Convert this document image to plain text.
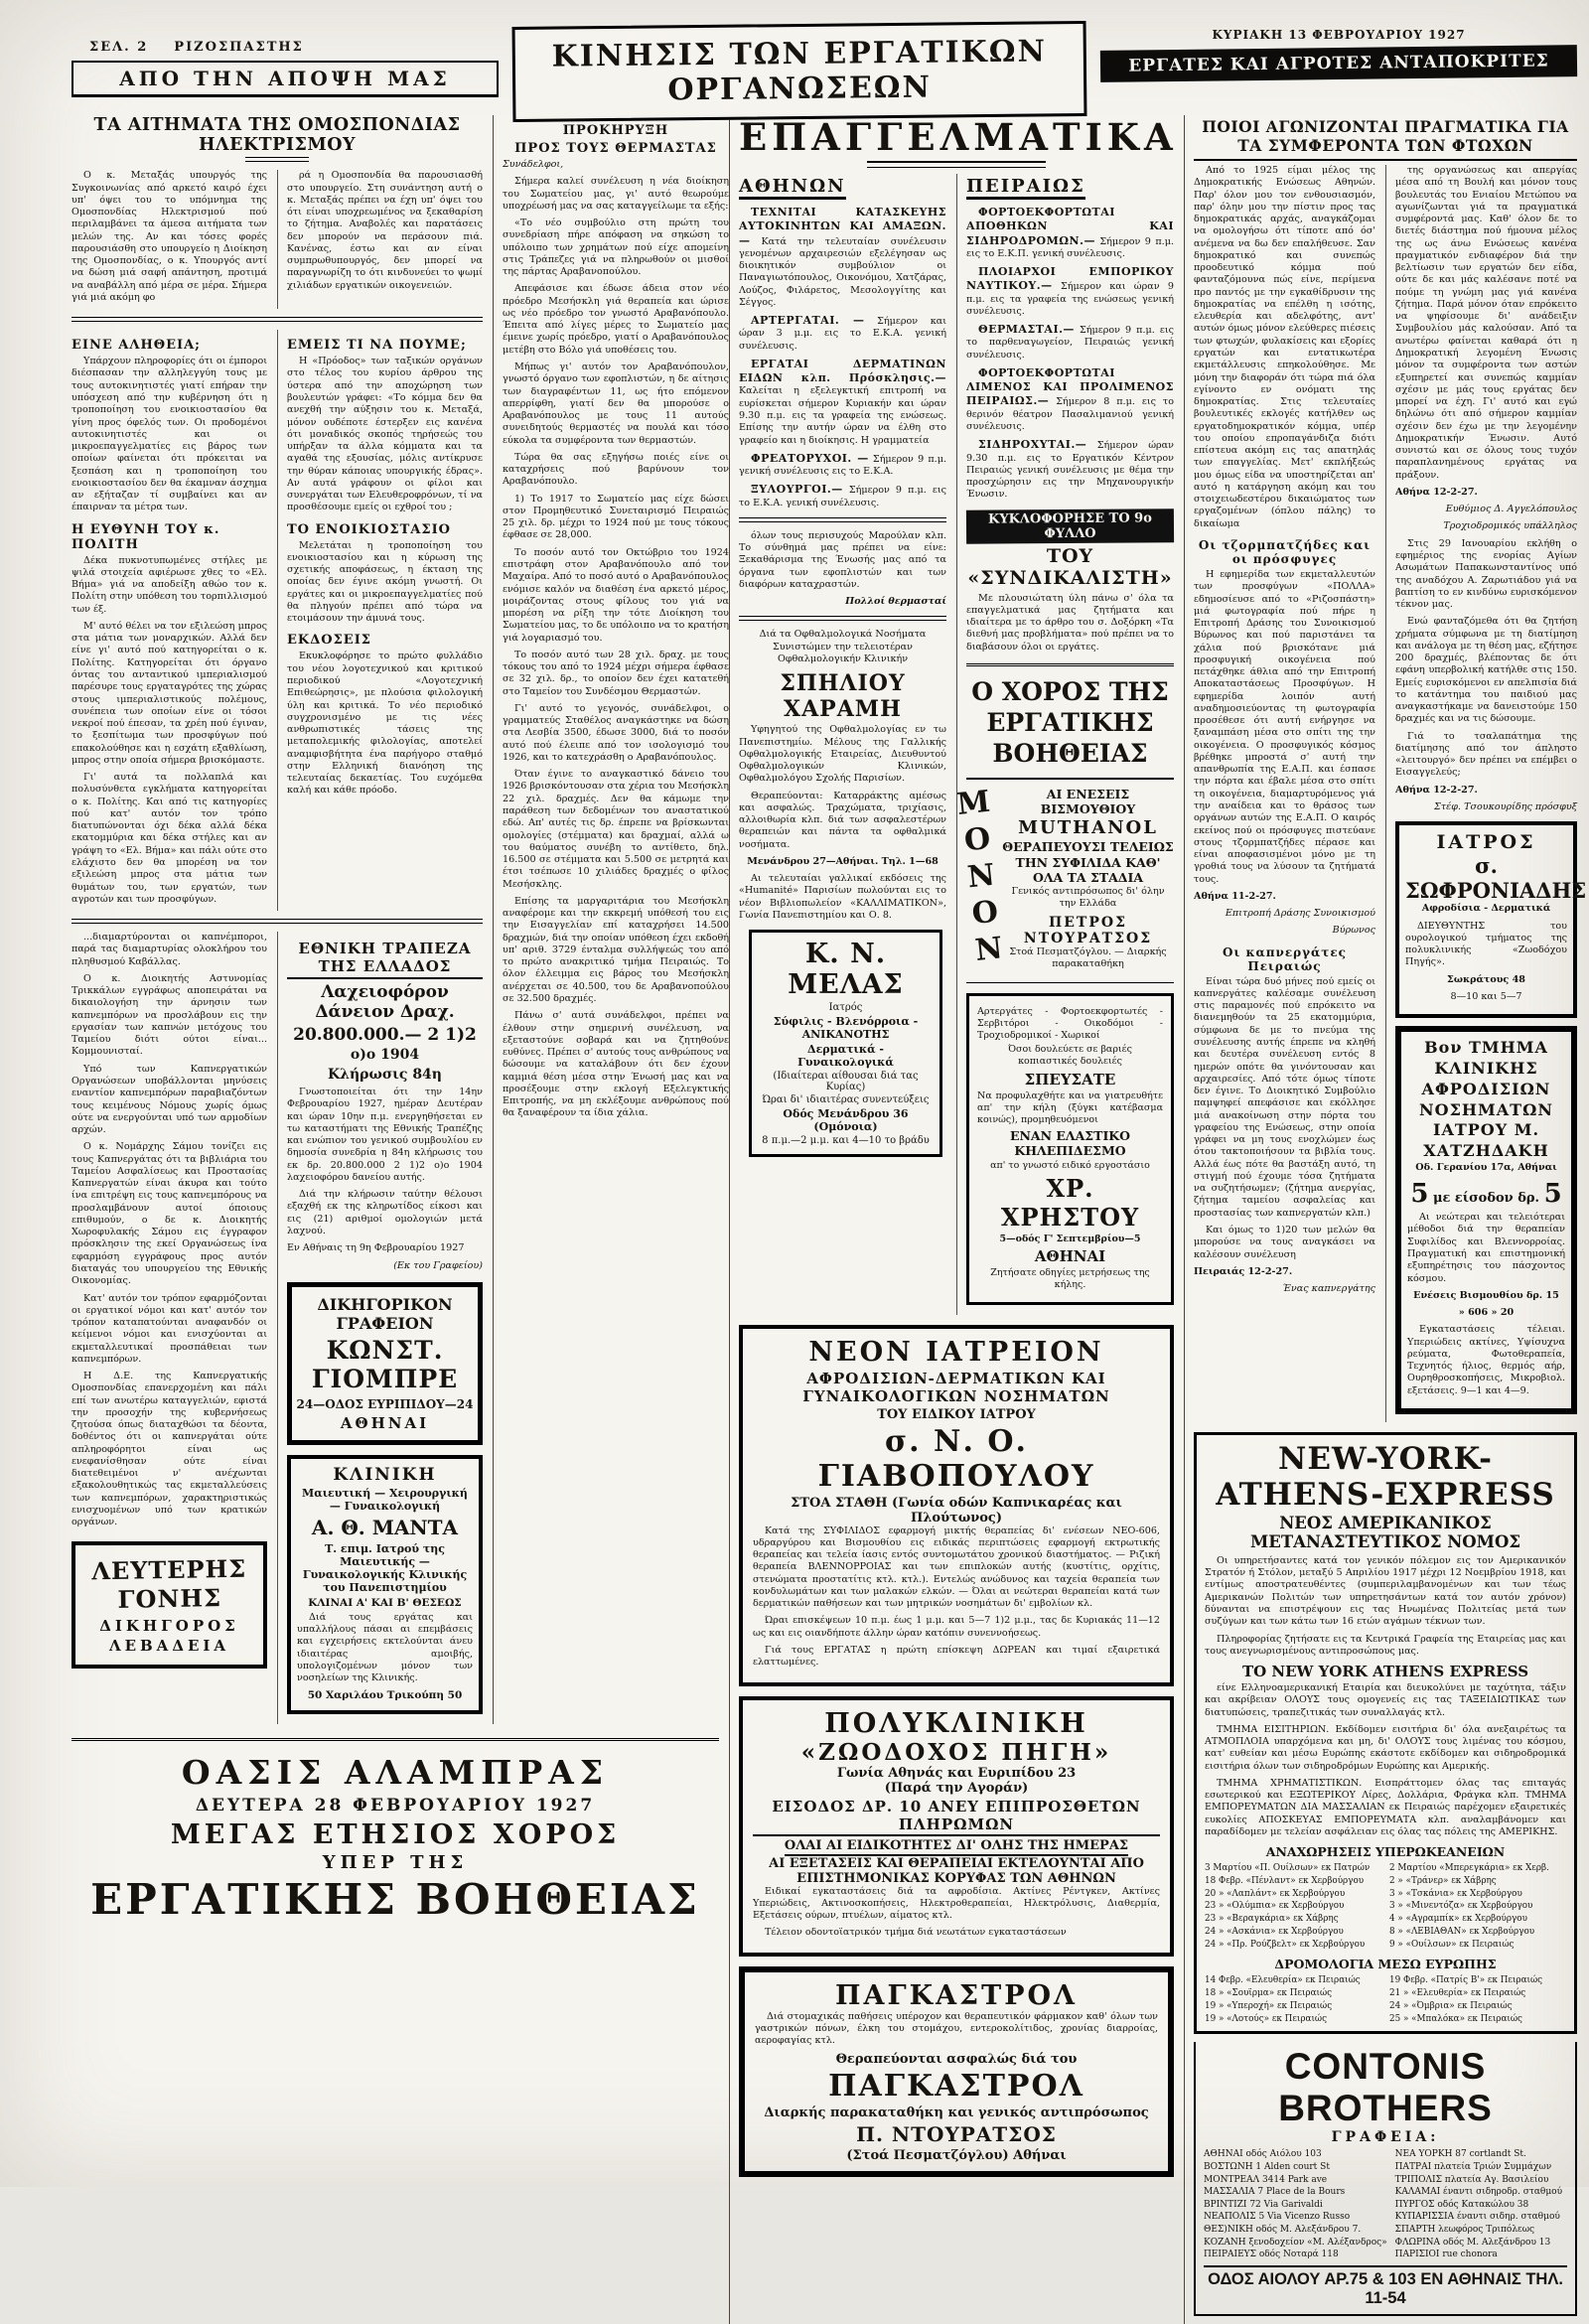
ΣΕΛ. 2 ΡΙΖΟΣΠΑΣΤΗΣ
ΑΠΟ ΤΗΝ ΑΠΟΨΗ ΜΑΣ
ΚΙΝΗΣΙΣ ΤΩΝ ΕΡΓΑΤΙΚΩΝ ΟΡΓΑΝΩΣΕΩΝ
ΚΥΡΙΑΚΗ 13 ΦΕΒΡΟΥΑΡΙΟΥ 1927
ΕΡΓΑΤΕΣ ΚΑΙ ΑΓΡΟΤΕΣ ΑΝΤΑΠΟΚΡΙΤΕΣ
ΤΑ ΑΙΤΗΜΑΤΑ ΤΗΣ ΟΜΟΣΠΟΝΔΙΑΣ ΗΛΕΚΤΡΙΣΜΟΥ

Ο κ. Μεταξάς υπουργός της Συγκοινωνίας από αρκετό καιρό έχει υπ' όψει του το υπόμνημα της Ομοσπονδίας Ηλεκτρισμού πού περιλαμβάνει τα άμεσα αιτήματα των μελών της. Αν και τόσες φορές παρουσιάσθη στο υπουργείο η Διοίκηση της Ομοσπονδίας, ο κ. Υπουργός αντί να δώση μιά σαφή απάντηση, προτιμά να αναβάλλη από μέρα σε μέρα. Σήμερα γιά μιά ακόμη φο

ρά η Ομοσπονδία θα παρουσιασθή στο υπουργείο. Στη συνάντηση αυτή ο κ. Μεταξάς πρέπει να έχη υπ' όψει του ότι είναι υποχρεωμένος να ξεκαθαρίση το ζήτημα. Αναβολές και παρατάσεις δεν μπορούν να περάσουν πιά. Κανένας, έστω και αν είναι συμπρωθυπουργός, δεν μπορεί να παραγνωρίζη το ότι κινδυνεύει το ψωμί χιλιάδων εργατικών οικογενειών.

ΕΙΝΕ ΑΛΗΘΕΙΑ;

Υπάρχουν πληροφορίες ότι οι έμποροι διέσπασαν την αλληλεγγύη τους με τους αυτοκινητιστές γιατί επήραν την υπόσχεση από την κυβέρνηση ότι η τροποποίηση του ενοικιοστασίου θα γίνη προς όφελός των. Οι προδομένοι αυτοκινητιστές και οι μικροεπαγγελματίες εις βάρος των οποίων φαίνεται ότι πρόκειται να ξεσπάση και η τροποποίηση του ενοικιοστασίου δεν θα έκαμναν άσχημα αν εξήταζαν τί συμβαίνει και αν έπαιρναν τα μέτρα των.

Η ΕΥΘΥΝΗ ΤΟΥ κ. ΠΟΛΙΤΗ

Δέκα πυκνοτυπωμένες στήλες με ψιλά στοιχεία αφιέρωσε χθες το «Ελ. Βήμα» γιά να αποδείξη αθώο τον κ. Πολίτη στην υπόθεση του τορπιλλισμού των έξ.

Μ' αυτό θέλει να τον εξιλεώση μπρος στα μάτια των μοναρχικών. Αλλά δεν είνε γι' αυτό πού κατηγορείται ο κ. Πολίτης. Κατηγορείται ότι όργανο όντας του ανταντικού ιμπεριαλισμού παρέσυρε τους εργαταγρότες της χώρας στους ιμπεριαλιστικούς πολέμους, συνέπεια των οποίων είνε οι τόσοι νεκροί πού έπεσαν, τα χρέη πού έγιναν, το ξεσπίτωμα των προσφύγων πού επακολούθησε και η εσχάτη εξαθλίωση, μπρος στην οποία σήμερα βρισκόμαστε.

Γι' αυτά τα πολλαπλά και πολυσύνθετα εγκλήματα κατηγορείται ο κ. Πολίτης. Και από τις κατηγορίες πού κατ' αυτόν τον τρόπο διατυπώνονται όχι δέκα αλλά δέκα εκατομμύρια και δέκα στήλες και αν γράψη το «Ελ. Βήμα» και πάλι ούτε στο ελάχιστο δεν θα μπορέση να τον εξιλεώση μπρος στα μάτια των θυμάτων του, των εργατών, των αγροτών και των προσφύγων.

ΕΜΕΙΣ ΤΙ ΝΑ ΠΟΥΜΕ;

Η «Πρόοδος» των ταξικών οργάνων στο τέλος του κυρίου άρθρου της ύστερα από την αποχώρηση των βουλευτών γράφει: «Το κόμμα δεν θα ανεχθή την αύξησιν του κ. Μεταξά, μόνον ουδέποτε έστερξεν εις κανένα ότι μοναδικός σκοπός τηρήσεώς του υπήρξαν τα άλλα κόμματα και τα αγαθά της εξουσίας, μόλις αντίκρυσε την θύραν κάποιας υπουργικής έδρας». Αν αυτά γράφουν οι φίλοι και συνεργάται των Ελευθεροφρόνων, τί να προσθέσουμε εμείς οι εχθροί του ;

ΤΟ ΕΝΟΙΚΙΟΣΤΑΣΙΟ

Μελετάται η τροποποίηση του ενοικιοστασίου και η κύρωση της σχετικής αποφάσεως, η έκταση της οποίας δεν έγινε ακόμη γνωστή. Οι εργάτες και οι μικροεπαγγελματίες πού θα πληγούν πρέπει από τώρα να ετοιμάσουν την άμυνά τους.

ΕΚΔΟΣΕΙΣ

Εκυκλοφόρησε το πρώτο φυλλάδιο του νέου λογοτεχνικού και κριτικού περιοδικού «Λογοτεχνική Επιθεώρησις», με πλούσια φιλολογική ύλη και κριτικά. Το νέο περιοδικό συγχρονισμένο με τις νέες ανθρωπιστικές τάσεις της μεταπολεμικής φιλολογίας, αποτελεί αναμφισβήτητα ένα παρήγορο σταθμό στην Ελληνική διανόηση της τελευταίας δεκαετίας. Του ευχόμεθα καλή και κάθε πρόοδο.

...διαμαρτύρονται οι καπνέμποροι, παρά τας διαμαρτυρίας ολοκλήρου του πληθυσμού Καβάλλας.

Ο κ. Διοικητής Αστυνομίας Τρικκάλων εγγράφως αποπειράται να δικαιολογήση την άρνησιν των καπνεμπόρων να προσλάβουν εις την εργασίαν των καπνών μετόχους του Ταμείου διότι ούτοι είναι... Κομμουνισταί.

Υπό των Καπνεργατικών Οργανώσεων υποβάλλονται μηνύσεις εναντίον καπνεμπόρων παραβιαζόντων τους κειμένους Νόμους χωρίς όμως ούτε να ενεργούνται υπό των αρμοδίων αρχών.

Ο κ. Νομάρχης Σάμου τονίζει εις τους Καπνεργάτας ότι τα βιβλιάρια του Ταμείου Ασφαλίσεως και Προστασίας Καπνεργατών είναι άκυρα και τούτο ίνα επιτρέψη εις τους καπνεμπόρους να προσλαμβάνουν αυτοί όποιους επιθυμούν, ο δε κ. Διοικητής Χωροφυλακής Σάμου εις έγγραφον πρόσκλησιν της εκεί Οργανώσεως ίνα εφαρμόση εγγράφους προς αυτόν διαταγάς του υπουργείου της Εθνικής Οικονομίας.

Κατ' αυτόν τον τρόπον εφαρμόζονται οι εργατικοί νόμοι και κατ' αυτόν τον τρόπον καταπατούνται αναφανδόν οι κείμενοι νόμοι και ενισχύονται αι εκμεταλλευτικαί προσπάθειαι των καπνεμπόρων.

Η Δ.Ε. της Καπνεργατικής Ομοσπονδίας επανερχομένη και πάλι επί των ανωτέρω καταγγελιών, εφιστά την προσοχήν της κυβερνήσεως ζητούσα όπως διαταχθώσι τα δέοντα, δοθέντος ότι οι καπνεργάται ούτε απληροφόρητοι είναι ως ενεφανίσθησαν ούτε είναι διατεθειμένοι ν' ανέχωνται εξακολουθητικώς τας εκμεταλλεύσεις των καπνεμπόρων, χαρακτηριστικώς ενισχυομένων υπό των κρατικών οργάνων.

ΛΕΥΤΕΡΗΣ ΓΟΝΗΣ
ΔΙΚΗΓΟΡΟΣ
ΛΕΒΑΔΕΙΑ
ΕΘΝΙΚΗ ΤΡΑΠΕΖΑ ΤΗΣ ΕΛΛΑΔΟΣ
Λαχειοφόρον Δάνειον Δραχ.
20.800.000.— 2 1)2
ο)ο 1904
Κλήρωσις 84η

Γνωστοποιείται ότι την 14ην Φεβρουαρίου 1927, ημέραν Δευτέραν και ώραν 10ην π.μ. ενεργηθήσεται εν τω καταστήματι της Εθνικής Τραπέζης και ενώπιον του γενικού συμβουλίου εν δημοσία συνεδρία η 84η κλήρωσις του εκ δρ. 20.800.000 2 1)2 ο)ο 1904 λαχειοφόρου δανείου αυτής.

Διά την κλήρωσιν ταύτην θέλουσι εξαχθή εκ της κληρωτίδος είκοσι και εις (21) αριθμοί ομολογιών μετά λαχνού.

Εν Αθήναις τη 9η Φεβρουαρίου 1927

(Εκ του Γραφείου)

ΔΙΚΗΓΟΡΙΚΟΝ ΓΡΑΦΕΙΟΝ
ΚΩΝΣΤ. ΓΙΟΜΠΡΕ
24—ΟΔΟΣ ΕΥΡΙΠΙΔΟΥ—24
ΑΘΗΝΑΙ
ΚΛΙΝΙΚΗ
Μαιευτική — Χειρουργική — Γυναικολογική
Α. Θ. ΜΑΝΤΑ
Τ. επιμ. Ιατρού της Μαιευτικής — Γυναικολογικής Κλινικής του Πανεπιστημίου
ΚΛΙΝΑΙ Α' ΚΑΙ Β' ΘΕΣΕΩΣ

Διά τους εργάτας και υπαλλήλους πάσαι αι επεμβάσεις και εγχειρήσεις εκτελούνται άνευ ιδιαιτέρας αμοιβής, υπολογιζομένων μόνον των νοσηλείων της Κλινικής.

50 Χαριλάου Τρικούπη 50
ΠΡΟΚΗΡΥΞΗ
ΠΡΟΣ ΤΟΥΣ ΘΕΡΜΑΣΤΑΣ

Συνάδελφοι,

Σήμερα καλεί συνέλευση η νέα διοίκηση του Σωματείου μας, γι' αυτό θεωρούμε υποχρέωσή μας να σας καταγγείλωμε τα εξής:

«Το νέο συμβούλιο στη πρώτη του συνεδρίαση πήρε απόφαση να σηκώση το υπόλοιπο των χρημάτων πού είχε απομείνη στις Τράπεζες γιά να πληρωθούν οι μισθοί της πάρτας Αραβανοπούλου.

Απεφάσισε και έδωσε άδεια στον νέο πρόεδρο Μεσήσκλη γιά θεραπεία και ώρισε ως νέο πρόεδρο τον γνωστό Αραβανόπουλο. Έπειτα από λίγες μέρες το Σωματείο μας έμεινε χωρίς πρόεδρο, γιατί ο Αραβανόπουλος μετέβη στο Βόλο γιά υποθέσεις του.

Μήπως γι' αυτόν τον Αραβανόπουλον, γνωστό όργανο των εφοπλιστών, η δε αίτησις των διαγραφέντων 11, ως ήτο επόμενον απερρίφθη, γιατί δεν θα μπορούσε ο Αραβανόπουλος με τους 11 αυτούς συνειδητούς θερμαστές να πουλά και τόσο εύκολα τα συμφέροντα των θερμαστών.

Τώρα θα σας εξηγήσω ποιές είνε οι καταχρήσεις πού βαρύνουν τον Αραβανόπουλο.

1) Το 1917 το Σωματείο μας είχε δώσει στον Προμηθευτικό Συνεταιρισμό Πειραιώς 25 χιλ. δρ. μέχρι το 1924 πού με τους τόκους έφθασε σε 28,000.

Το ποσόν αυτό τον Οκτώβριο του 1924 επιστράφη στον Αραβανόπουλο από τον Μαχαίρα. Από το ποσό αυτό ο Αραβανόπουλος ενόμισε καλόν να διαθέση ένα αρκετό μέρος, μοιράζοντας στους φίλους του γιά να μπορέση να ρίξη την τότε Διοίκηση του Σωματείου μας, το δε υπόλοιπο να το κρατήση γιά λογαριασμό του.

Το ποσόν αυτό των 28 χιλ. δραχ. με τους τόκους του από το 1924 μέχρι σήμερα έφθασε σε 32 χιλ. δρ., το οποίον δεν έχει κατατεθή στο Ταμείον του Συνδέσμου Θερμαστών.

Γι' αυτό το γεγονός, συνάδελφοι, ο γραμματεύς Σταθέλος αναγκάστηκε να δώση στα Λεσβία 3500, έδωσε 3000, διά το ποσόν αυτό πού έλειπε από τον ισολογισμό του 1926, και το κατεχράσθη ο Αραβανόπουλος.

Όταν έγινε το αναγκαστικό δάνειο του 1926 βρισκόντουσαν στα χέρια του Μεσήσκλη 22 χιλ. δραχμές. Δεν θα κάμωμε την παράθεση των δεδομένων του αναστατικού εδώ. Απ' αυτές τις δρ. έπρεπε να βρίσκωνται ομολογίες (στέμματα) και δραχμαί, αλλά ω του θαύματος συνέβη το αντίθετο, δηλ. 16.500 σε στέμματα και 5.500 σε μετρητά και έτσι τσέπωσε 10 χιλιάδες δραχμές ο φίλος Μεσήσκλης.

Επίσης τα μαργαριτάρια του Μεσήσκλη αναφέρομε και την εκκρεμή υπόθεσή του εις την Εισαγγελίαν επί καταχρήσει 14.500 δραχμών, διά την οποίαν υπόθεση έχει εκδοθή υπ' αριθ. 3729 ένταλμα συλλήψεώς του από το πρώτο ανακριτικό τμήμα Πειραιώς. Το όλον έλλειμμα εις βάρος του Μεσήσκλη ανέρχεται σε 40.500, του δε Αραβανοπούλου σε 32.500 δραχμές.

Πάνω σ' αυτά συνάδελφοι, πρέπει να έλθουν στην σημερινή συνέλευση, να εξεταστούνε σοβαρά και να ζητηθούνε ευθύνες. Πρέπει σ' αυτούς τους ανθρώπους να δώσουμε να καταλάβουν ότι δεν έχουν καμμιά θέση μέσα στην Ένωσή μας και να προσέξουμε στην εκλογή Εξελεγκτικής Επιτροπής, να μη εκλέξουμε ανθρώπους πού θα ξαναφέρουν τα ίδια χάλια.

ΟΑΣΙΣ ΑΛΑΜΠΡΑΣ
ΔΕΥΤΕΡΑ 28 ΦΕΒΡΟΥΑΡΙΟΥ 1927
ΜΕΓΑΣ ΕΤΗΣΙΟΣ ΧΟΡΟΣ
ΥΠΕΡ ΤΗΣ
ΕΡΓΑΤΙΚΗΣ ΒΟΗΘΕΙΑΣ
ΕΠΑΓΓΕΛΜΑΤΙΚΑ
ΑΘΗΝΩΝ

ΤΕΧΝΙΤΑΙ ΚΑΤΑΣΚΕΥΗΣ ΑΥΤΟΚΙΝΗΤΩΝ ΚΑΙ ΑΜΑΞΩΝ.— Κατά την τελευταίαν συνέλευσιν γενομένων αρχαιρεσιών εξελέγησαν ως διοικητικόν συμβούλιον οι Παναγιωτόπουλος, Οικονόμου, Χατζάρας, Λούζος, Φιλάρετος, Μεσολογγίτης και Σέγγος.

ΑΡΤΕΡΓΑΤΑΙ. — Σήμερον και ώραν 3 μ.μ. εις το Ε.Κ.Α. γενική συνέλευσις.

ΕΡΓΑΤΑΙ ΔΕΡΜΑΤΙΝΩΝ ΕΙΔΩΝ κλπ. Πρόσκλησις.— Καλείται η εξελεγκτική επιτροπή να ευρίσκεται σήμερον Κυριακήν και ώραν 9.30 π.μ. εις τα γραφεία της ενώσεως. Επίσης την αυτήν ώραν να έλθη στο γραφείο και η διοίκησις. Η γραμματεία

ΦΡΕΑΤΟΡΥΧΟΙ. — Σήμερον 9 π.μ. γενική συνέλευσις εις το Ε.Κ.Α.

ΞΥΛΟΥΡΓΟΙ.— Σήμερον 9 π.μ. εις το Ε.Κ.Α. γενική συνέλευσις.

όλων τους περισυχούς Μαρούλαν κλπ. Το σύνθημά μας πρέπει να είνε: Ξεκαθάρισμα της Ένωσής μας από τα όργανα των εφοπλιστών και των διαφόρων καταχραστών.

Πολλοί θερμασταί

Διά τα Οφθαλμολογικά Νοσήματα Συνιστώμεν την τελειοτέραν Οφθαλμολογικήν Κλινικήν

ΣΠΗΛΙΟΥ ΧΑΡΑΜΗ

Υφηγητού της Οφθαλμολογίας εν τω Πανεπιστημίω. Μέλους της Γαλλικής Οφθαλμολογικής Εταιρείας, Διευθυντού Οφθαλμολογικών Κλινικών, Οφθαλμολόγου Σχολής Παρισίων.

Θεραπεύονται: Καταρράκτης αμέσως και ασφαλώς. Τραχώματα, τριχίασις, αλλοιθωρία κλπ. διά των ασφαλεστέρων θεραπειών και πάντα τα οφθαλμικά νοσήματα.

Μενάνδρου 27—Αθήναι. Τηλ. 1—68

Αι τελευταίαι γαλλικαί εκδόσεις της «Humanité» Παρισίων πωλούνται εις το νέον Βιβλιοπωλείον «ΚΑΛΛΙΜΑΤΙΚΟΝ», Γωνία Πανεπιστημίου και Ο. 8.

Κ. Ν. ΜΕΛΑΣ
Ιατρός
Σύφιλις - Βλενόρροια - ΑΝΙΚΑΝΟΤΗΣ
Δερματικά - Γυναικολογικά
(Ιδιαίτεραι αίθουσαι διά τας Κυρίας)
Ώραι δι' ιδιαιτέρας συνεντεύξεις
Οδός Μενάνδρου 36 (Ομόνοια)
8 π.μ.—2 μ.μ. και 4—10 το βράδυ
ΠΕΙΡΑΙΩΣ

ΦΟΡΤΟΕΚΦΟΡΤΩΤΑΙ ΑΠΟΘΗΚΩΝ ΚΑΙ ΣΙΔΗΡΟΔΡΟΜΩΝ.— Σήμερον 9 π.μ. εις το Ε.Κ.Π. γενική συνέλευσις.

ΠΛΟΙΑΡΧΟΙ ΕΜΠΟΡΙΚΟΥ ΝΑΥΤΙΚΟΥ.— Σήμερον και ώραν 9 π.μ. εις τα γραφεία της ενώσεως γενική συνέλευσις.

ΘΕΡΜΑΣΤΑΙ.— Σήμερον 9 π.μ. εις το παρθεναγωγείον, Πειραιώς γενική συνέλευσις.

ΦΟΡΤΟΕΚΦΟΡΤΩΤΑΙ ΛΙΜΕΝΟΣ ΚΑΙ ΠΡΟΛΙΜΕΝΟΣ ΠΕΙΡΑΙΩΣ.— Σήμερον 8 π.μ. εις το θερινόν θέατρον Πασαλιμανιού γενική συνέλευσις.

ΣΙΔΗΡΟΧΥΤΑΙ.— Σήμερον ώραν 9.30 π.μ. εις το Εργατικόν Κέντρον Πειραιώς γενική συνέλευσις με θέμα την προσχώρησιν εις την Μηχανουργικήν Ένωσιν.

ΚΥΚΛΟΦΟΡΗΣΕ ΤΟ 9ο ΦΥΛΛΟ
ΤΟΥ «ΣΥΝΔΙΚΑΛΙΣΤΗ»

Με πλουσιώτατη ύλη πάνω σ' όλα τα επαγγελματικά μας ζητήματα και ιδιαίτερα με το άρθρο του σ. Δοξόρκη «Τα διεθνή μας προβλήματα» πού πρέπει να το διαβάσουν όλοι οι εργάτες.

Ο ΧΟΡΟΣ ΤΗΣ
ΕΡΓΑΤΙΚΗΣ ΒΟΗΘΕΙΑΣ
ΜΟΝΟΝ	ΑΙ ΕΝΕΣΕΙΣ ΒΙΣΜΟΥΘΙΟΥ
MUTHANOL
ΘΕΡΑΠΕΥΟΥΣΙ ΤΕΛΕΙΩΣ
ΤΗΝ ΣΥΦΙΛΙΔΑ ΚΑΘ' ΟΛΑ ΤΑ ΣΤΑΔΙΑ

Γενικός αντιπρόσωπος δι' όλην την Ελλάδα

ΠΕΤΡΟΣ ΝΤΟΥΡΑΤΣΟΣ

Στοά Πεσματζόγλου. — Διαρκής παρακαταθήκη

Αρτεργάτες - Φορτοεκφορτωτές - Σερβιτόροι - Οικοδόμοι - Τροχιοδρομικοί - Χωρικοί

Όσοι δουλεύετε σε βαριές κοπιαστικές δουλειές

ΣΠΕΥΣΑΤΕ

Να προφυλαχθήτε και να γιατρευθήτε απ' την κήλη (ξύγκι κατέβασμα κοινώς), προμηθευόμενοι

ΕΝΑΝ ΕΛΑΣΤΙΚΟ ΚΗΛΕΠΙΔΕΣΜΟ

απ' το γνωστό ειδικό εργοστάσιο

ΧΡ. ΧΡΗΣΤΟΥ

5—οδός Γ' Σεπτεμβρίου—5

ΑΘΗΝΑΙ

Ζητήσατε οδηγίες μετρήσεως της κήλης.

ΝΕΟΝ ΙΑΤΡΕΙΟΝ
ΑΦΡΟΔΙΣΙΩΝ-ΔΕΡΜΑΤΙΚΩΝ ΚΑΙ ΓΥΝΑΙΚΟΛΟΓΙΚΩΝ ΝΟΣΗΜΑΤΩΝ
ΤΟΥ ΕΙΔΙΚΟΥ ΙΑΤΡΟΥ
σ. Ν. Ο. ΓΙΑΒΟΠΟΥΛΟΥ
ΣΤΟΑ ΣΤΑΘΗ (Γωνία οδών Καπνικαρέας και Πλούτωνος)

Κατά της ΣΥΦΙΛΙΔΟΣ εφαρμογή μικτής θεραπείας δι' ενέσεων ΝΕΟ-606, υδραργύρου και Βισμουθίου εις ειδικάς περιπτώσεις εφαρμογή εκτρωτικής θεραπείας και τελεία ίασις εντός συντομωτάτου χρονικού διαστήματος. — Ριζική θεραπεία ΒΛΕΝΝΟΡΡΟΙΑΣ και των επιπλοκών αυτής (κυστίτις, ορχίτις, στενώματα προστατίτις κτλ. κτλ.). Εντελώς ανώδυνος και ταχεία θεραπεία των κονδυλωμάτων και των μαλακών ελκών. — Όλαι αι νεώτεραι θεραπείαι κατά των δερματικών παθήσεων και των μητρικών νοσημάτων δι' εμβολίων κλ.

Ώραι επισκέψεων 10 π.μ. έως 1 μ.μ. και 5—7 1)2 μ.μ., τας δε Κυριακάς 11—12 ως και εις οιανδήποτε άλλην ώραν κατόπιν συνεννοήσεως.

Γιά τους ΕΡΓΑΤΑΣ η πρώτη επίσκεψη ΔΩΡΕΑΝ και τιμαί εξαιρετικά ελαττωμένες.

ΠΟΛΥΚΛΙΝΙΚΗ
«ΖΩΟΔΟΧΟΣ ΠΗΓΗ»
Γωνία Αθηνάς και Ευριπίδου 23
(Παρά την Αγοράν)
ΕΙΣΟΔΟΣ ΔΡ. 10 ΑΝΕΥ ΕΠΙΠΡΟΣΘΕΤΩΝ ΠΛΗΡΩΜΩΝ
ΟΛΑΙ ΑΙ ΕΙΔΙΚΟΤΗΤΕΣ ΔΙ' ΟΛΗΣ ΤΗΣ ΗΜΕΡΑΣ
ΑΙ ΕΞΕΤΑΣΕΙΣ ΚΑΙ ΘΕΡΑΠΕΙΑΙ ΕΚΤΕΛΟΥΝΤΑΙ ΑΠΟ ΕΠΙΣΤΗΜΟΝΙΚΑΣ ΚΟΡΥΦΑΣ ΤΩΝ ΑΘΗΝΩΝ

Ειδικαί εγκαταστάσεις διά τα αφροδίσια. Ακτίνες Ρέντγκεν, Ακτίνες Υπεριώδεις, Ακτινοσκοπήσεις, Ηλεκτροθεραπείαι, Ηλεκτρόλυσις, Διαθερμία, Εξετάσεις ούρων, πτυέλων, αίματος κτλ.

Τέλειον οδοντοϊατρικόν τμήμα διά νεωτάτων εγκαταστάσεων

ΠΑΓΚΑΣΤΡΟΛ

Διά στομαχικάς παθήσεις υπέροχον και θεραπευτικόν φάρμακον καθ' όλων των γαστρικών πόνων, έλκη του στομάχου, εντεροκολίτιδος, χρονίας διαρροίας, αεροφαγίας κτλ.

Θεραπεύονται ασφαλώς διά του
ΠΑΓΚΑΣΤΡΟΛ
Διαρκής παρακαταθήκη και γενικός αντιπρόσωπος
Π. ΝΤΟΥΡΑΤΣΟΣ
(Στοά Πεσματζόγλου) Αθήναι
ΠΟΙΟΙ ΑΓΩΝΙΖΟΝΤΑΙ ΠΡΑΓΜΑΤΙΚΑ ΓΙΑ ΤΑ ΣΥΜΦΕΡΟΝΤΑ ΤΩΝ ΦΤΩΧΩΝ

Από το 1925 είμαι μέλος της Δημοκρατικής Ενώσεως Αθηνών. Παρ' όλον μου τον ενθουσιασμόν, παρ' όλην μου την πίστιν προς τας δημοκρατικάς αρχάς, αναγκάζομαι να ομολογήσω ότι τίποτε από όσ' ανέμενα να δω δεν επαλήθευσε. Σαν δημοκρατικό και συνεπώς προοδευτικό κόμμα πού φανταζόμουνα πώς είνε, περίμενα προ παντός με την εγκαθίδρυσιν της δημοκρατίας να επέλθη η ισότης, ελευθερία και αδελφότης, αντ' αυτών όμως μόνον ελεύθερες πιέσεις των φτωχών, φυλακίσεις και εξορίες εργατών και εντατικωτέρα εκμετάλλευσις επηκολούθησε. Με μόνη την διαφοράν ότι τώρα πιά όλα εγίνοντο εν ονόματι της δημοκρατίας. Στις τελευταίες βουλευτικές εκλογές κατήλθεν ως εργατοδημοκρατικόν κόμμα, υπέρ του οποίου επροπαγάνδιζα διότι επίστευα ακόμη εις τας απατηλάς των επαγγελίας. Μετ' εκπλήξεώς μου όμως είδα να υποστηρίζεται απ' αυτό η κατάργηση ακόμη και του στοιχειωδεστέρου δικαιώματος των εργαζομένων (όπλου πάλης) το δικαίωμα

Οι τζορμπατζήδες και οι πρόσφυγες

Η εφημερίδα των εκμεταλλευτών των προσφύγων «ΠΟΛΛΑ» εδημοσίευσε από το «Ριζοσπάστη» μιά φωτογραφία πού πήρε η Επιτροπή Δράσης του Συνοικισμού Βύρωνος και πού παριστάνει τα χάλια πού βρισκότανε μιά προσφυγική οικογένεια πού πετάχθηκε άθλια από την Επιτροπή Αποκαταστάσεως Προσφύγων. Η εφημερίδα λοιπόν αυτή αναδημοσιεύοντας τη φωτογραφία προσέθεσε ότι αυτή ενήργησε να ξαναμπάση μέσα στο σπίτι της την οικογένεια. Ο προσφυγικός κόσμος βρέθηκε μπροστά σ' αυτή την απανθρωπία της Ε.Α.Π. και έσπασε την πόρτα και έβαλε μέσα στο σπίτι τη οικογένεια, διαμαρτυρόμενος γιά την αναίδεια και το θράσος των οργάνων αυτών της Ε.Α.Π. Ο καιρός εκείνος πού οι πρόσφυγες πιστεύανε στους τζορμπατζήδες πέρασε και είναι αποφασισμένοι μόνο με τη γροθιά τους να λύσουν τα ζητήματά τους.

Αθήνα 11-2-27.

Επιτροπή Δράσης Συνοικισμού

Βύρωνος

Οι καπνεργάτες Πειραιώς

Είναι τώρα δυό μήνες πού εμείς οι καπνεργάτες καλέσαμε συνέλευση στις παραμονές πού επρόκειτο να διανεμηθούν τα 25 εκατομμύρια, σύμφωνα δε με το πνεύμα της συνέλευσης αυτής έπρεπε να κληθή και δευτέρα συνέλευση εντός 8 ημερών οπότε θα γινόντουσαν και αρχαιρεσίες. Από τότε όμως τίποτε δεν έγινε. Το Διοικητικό Συμβούλιο παμψηφεί απεφάσισε και εκόλλησε μιά ανακοίνωση στην πόρτα του γραφείου της Ενώσεως, στην οποία γράφει να μη τους ενοχλώμεν έως ότου τακτοποιήσουν τα βιβλία τους. Αλλά έως πότε θα βαστάξη αυτό, τη στιγμή πού έχουμε τόσα ζητήματα να συζητήσωμεν; (ζήτημα ανεργίας, ζήτημα ταμείου ασφαλείας και προστασίας των καπνεργατών κλπ.)

Και όμως το 1)20 των μελών θα μπορούσε να τους αναγκάσει να καλέσουν συνέλευση

Πειραιάς 12-2-27.

Ένας καπνεργάτης

της οργανώσεως και απεργίας μέσα από τη Βουλή και μόνον τους βουλευτάς του Ενιαίου Μετώπου να αγωνίζωνται γιά τα πραγματικά συμφέροντά μας. Καθ' όλον δε το διετές διάστημα πού ήμουνα μέλος της ως άνω Ενώσεως κανένα πραγματικόν ενδιαφέρον διά την βελτίωσιν των εργατών δεν είδα, ούτε δε και μάς καλέσανε ποτέ να πούμε τη γνώμη μας γιά κανένα ζήτημα. Παρά μόνον όταν επρόκειτο να ψηφίσουμε δι' ανάδειξιν Συμβουλίου μάς καλούσαν. Από τα ανωτέρω φαίνεται καθαρά ότι η Δημοκρατική λεγομένη Ένωσις μόνον τα συμφέροντα των αστών εξυπηρετεί και συνεπώς καμμίαν σχέσιν με μάς τους εργάτας δεν μπορεί να έχη. Γι' αυτό και εγώ δηλώνω ότι από σήμερον καμμίαν σχέσιν δεν έχω με την λεγομένην Δημοκρατικήν Ένωσιν. Αυτό συνιστώ και σε όλους τους τυχόν παραπλανημένους εργάτας να πράξουν.

Αθήνα 12-2-27.

Ευθύμιος Δ. Αγγελόπουλος

Τροχιοδρομικός υπάλληλος

Στις 29 Ιανουαρίου εκλήθη ο εφημέριος της ενορίας Αγίων Ασωμάτων Παπακωνσταντίνος υπό της αναδόχου Α. Ζαρωτιάδου γιά να βαπτίση το εν κινδύνω ευρισκόμενον τέκνον μας.

Ενώ φανταζόμεθα ότι θα ζητήση χρήματα σύμφωνα με τη διατίμηση και ανάλογα με τη θέση μας, εζήτησε 200 δραχμές, βλέποντας δε ότι εφάνη υπερβολική κατήλθε στις 150. Εμείς ευρισκόμενοι εν απελπισία διά το κατάντημα του παιδιού μας αναγκαστήκαμε να δανειστούμε 150 δραχμές και να τις δώσουμε.

Γιά το τσαλαπάτημα της διατίμησης από τον άπληστο «λειτουργό» δεν πρέπει να επέμβει ο Εισαγγελεύς;

Αθήνα 12-2-27.

Στέφ. Τσουκουρίδης πρόσφυξ

ΙΑΤΡΟΣ
σ. ΣΩΦΡΟΝΙΑΔΗΣ

Αφροδίσια - Δερματικά

ΔΙΕΥΘΥΝΤΗΣ του ουρολογικού τμήματος της πολυκλινικής «Ζωοδόχου Πηγής».

Σωκράτους 48

8—10 και 5—7

Βον ΤΜΗΜΑ ΚΛΙΝΙΚΗΣ
ΑΦΡΟΔΙΣΙΩΝ ΝΟΣΗΜΑΤΩΝ
ΙΑΤΡΟΥ Μ. ΧΑΤΖΗΔΑΚΗ

Οδ. Γερανίου 17α, Αθήναι

5 με είσοδον δρ. 5

Αι νεώτεραι και τελειότεραι μέθοδοι διά την θεραπείαν Συφιλίδος και Βλεννορροίας. Πραγματική και επιστημονική εξυπηρέτησις του πάσχοντος κόσμου.

Ενέσεις Βισμουθίου δρ. 15

» 606 » 20

Εγκαταστάσεις τέλειαι. Υπεριώδεις ακτίνες, Υψίσυχνα ρεύματα, Φωτοθεραπεία, Τεχνητός ήλιος, θερμός αήρ, Ουρηθροσκοπήσεις, Μικροβιολ. εξετάσεις. 9—1 και 4—9.

NEW-YORK-ATHENS-EXPRESS
ΝΕΟΣ ΑΜΕΡΙΚΑΝΙΚΟΣ ΜΕΤΑΝΑΣΤΕΥΤΙΚΟΣ ΝΟΜΟΣ

Οι υπηρετήσαντες κατά τον γενικόν πόλεμον εις τον Αμερικανικόν Στρατόν ή Στόλον, μεταξύ 5 Απριλίου 1917 μέχρι 12 Νοεμβρίου 1918, και εντίμως αποστρατευθέντες (συμπεριλαμβανομένων και των τέως Αμερικανών Πολιτών των υπηρετησάντων κατά τον αυτόν χρόνον) δύνανται να επιστρέψουν εις τας Ηνωμένας Πολιτείας μετά των συζύγων και των κάτω των 16 ετών αγάμων τέκνων των.

Πληροφορίας ζητήσατε εις τα Κεντρικά Γραφεία της Εταιρείας μας και τους ανεγνωρισμένους αντιπροσώπους μας.

ΤΟ NEW YORK ATHENS EXPRESS

είνε Ελληνοαμερικανική Εταιρία και διευκολύνει με ταχύτητα, τάξιν και ακρίβειαν ΟΛΟΥΣ τους ομογενείς εις τας ΤΑΞΕΙΔΙΩΤΙΚΑΣ των διατυπώσεις, τραπεζιτικάς των συναλλαγάς κτλ.

ΤΜΗΜΑ ΕΙΣΙΤΗΡΙΩΝ. Εκδίδομεν εισιτήρια δι' όλα ανεξαιρέτως τα ΑΤΜΟΠΛΟΙΑ υπαρχόμενα και μη, δι' ΟΛΟΥΣ τους λιμένας του κόσμου, κατ' ευθείαν και μέσω Ευρώπης εκάστοτε εκδίδομεν και σιδηροδρομικά εισιτήρια όλων των σιδηροδρόμων Ευρώπης και Αμερικής.

ΤΜΗΜΑ ΧΡΗΜΑΤΙΣΤΙΚΩΝ. Εισπράττομεν όλας τας επιταγάς εσωτερικού και ΕΞΩΤΕΡΙΚΟΥ Λίρες, Δολλάρια, Φράγκα κλπ. ΤΜΗΜΑ ΕΜΠΟΡΕΥΜΑΤΩΝ ΔΙΑ ΜΑΣΣΑΛΙΑΝ εκ Πειραιώς παρέχομεν εξαιρετικές ευκολίες ΑΠΟΣΚΕΥΑΣ ΕΜΠΟΡΕΥΜΑΤΑ κλπ. αναλαμβάνομεν και παραδίδομεν με τελείαν ασφάλειαν εις όλας τας πόλεις της ΑΜΕΡΙΚΗΣ.

ΑΝΑΧΩΡΗΣΕΙΣ ΥΠΕΡΩΚΕΑΝΕΙΩΝ
3 Μαρτίου «Π. Ουίλσων» εκ Πατρών
18 Φεβρ. «Πένλαντ» εκ Χερβούργου
20 » «Λαπλάντ» εκ Χερβούργου
23 » «Ολύμπια» εκ Χερβούργου
23 » «Βεραγκάρια» εκ Χάβρης
24 » «Ασκάνια» εκ Χερβούργου
24 » «Πρ. Ρούζβελτ» εκ Χερβούργου
2 Μαρτίου «Μπερεγκάρια» εκ Χερβ.
2 » «Τράνερ» εκ Χάβρης
3 » «Τσκάνια» εκ Χερβούργου
3 » «Μινεντόζα» εκ Χερβούργου
4 » «Αγραμπίκ» εκ Χερβούργου
8 » «ΛΕΒΙΑΘΑΝ» εκ Χερβούργου
9 » «Ουίλσων» εκ Πειραιώς
ΔΡΟΜΟΛΟΓΙΑ ΜΕΣΩ ΕΥΡΩΠΗΣ
14 Φεβρ. «Ελευθερία» εκ Πειραιώς
18 » «Σουϊρμα» εκ Πειραιώς
19 » «Υπεροχή» εκ Πειραιώς
19 » «Λοτούς» εκ Πειραιώς
19 Φεβρ. «Πατρίς Β'» εκ Πειραιώς
21 » «Ελευθερία» εκ Πειραιώς
24 » «Όμβρια» εκ Πειραιώς
25 » «Μπαλόκα» εκ Πειραιώς
CONTONIS BROTHERS
ΓΡΑΦΕΙΑ:
ΑΘΗΝΑΙ οδός Αιόλου 103
ΒΟΣΤΩΝΗ 1 Alden court St
ΜΟΝΤΡΕΑΛ 3414 Park ave
ΜΑΣΣΑΛΙΑ 7 Place de la Bours
ΒΡΙΝΤΙΖΙ 72 Via Garivaldi
ΝΕΑΠΟΛΙΣ 5 Via Vicenzo Russo
ΘΕΣ)ΝΙΚΗ οδός Μ. Αλεξάνδρου 7.
ΚΟΖΑΝΗ ξενοδοχείον «Μ. Αλέξανδρος»
ΠΕΙΡΑΙΕΥΣ οδός Νοταρά 118
ΝΕΑ ΥΟΡΚΗ 87 cortlandt St.
ΠΑΤΡΑΙ πλατεία Τριών Συμμάχων
ΤΡΙΠΟΛΙΣ πλατεία Αγ. Βασιλείου
ΚΑΛΑΜΑΙ έναντι σιδηροδρ. σταθμού
ΠΥΡΓΟΣ οδός Κατακώλου 38
ΚΥΠΑΡΙΣΣΙΑ έναντι σιδηρ. σταθμού
ΣΠΑΡΤΗ λεωφόρος Τριπόλεως
ΦΛΩΡΙΝΑ οδός Μ. Αλεξάνδρου 13
ΠΑΡΙΣΙΟΙ rue chonora
ΟΔΟΣ ΑΙΟΛΟΥ ΑΡ.75 & 103 ΕΝ ΑΘΗΝΑΙΣ ΤΗΛ. 11-54
